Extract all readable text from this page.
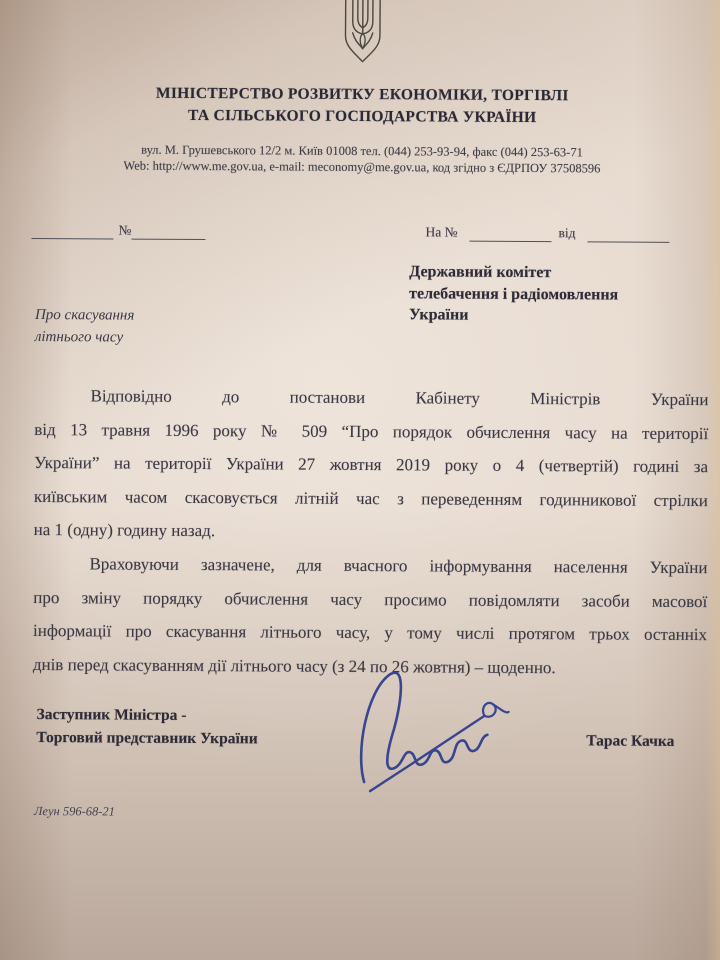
МІНІСТЕРСТВО РОЗВИТКУ ЕКОНОМІКИ, ТОРГІВЛІ
ТА СІЛЬСЬКОГО ГОСПОДАРСТВА УКРАЇНИ
вул. М. Грушевського 12/2 м. Київ 01008 тел. (044) 253-93-94, факс (044) 253-63-71
Web: http://www.me.gov.ua, e-mail: meconomy@me.gov.ua, код згідно з ЄДРПОУ 37508596
№	На №	від
Державний комітет
телебачення і радіомовлення
України
Про скасування
літнього часу
Відповідно до постанови Кабінету Міністрів України
від 13 травня 1996 року № 509 “Про порядок обчислення часу на території
України” на території України 27 жовтня 2019 року о 4 (четвертій) годині за
київським часом скасовується літній час з переведенням годинникової стрілки
на 1 (одну) годину назад.
Враховуючи зазначене, для вчасного інформування населення України
про зміну порядку обчислення часу просимо повідомляти засоби масової
інформації про скасування літнього часу, у тому числі протягом трьох останніх
днів перед скасуванням дії літнього часу (з 24 по 26 жовтня) – щоденно.
Заступник Міністра -
Торговий представник України	Тарас Качка
Леун 596-68-21
